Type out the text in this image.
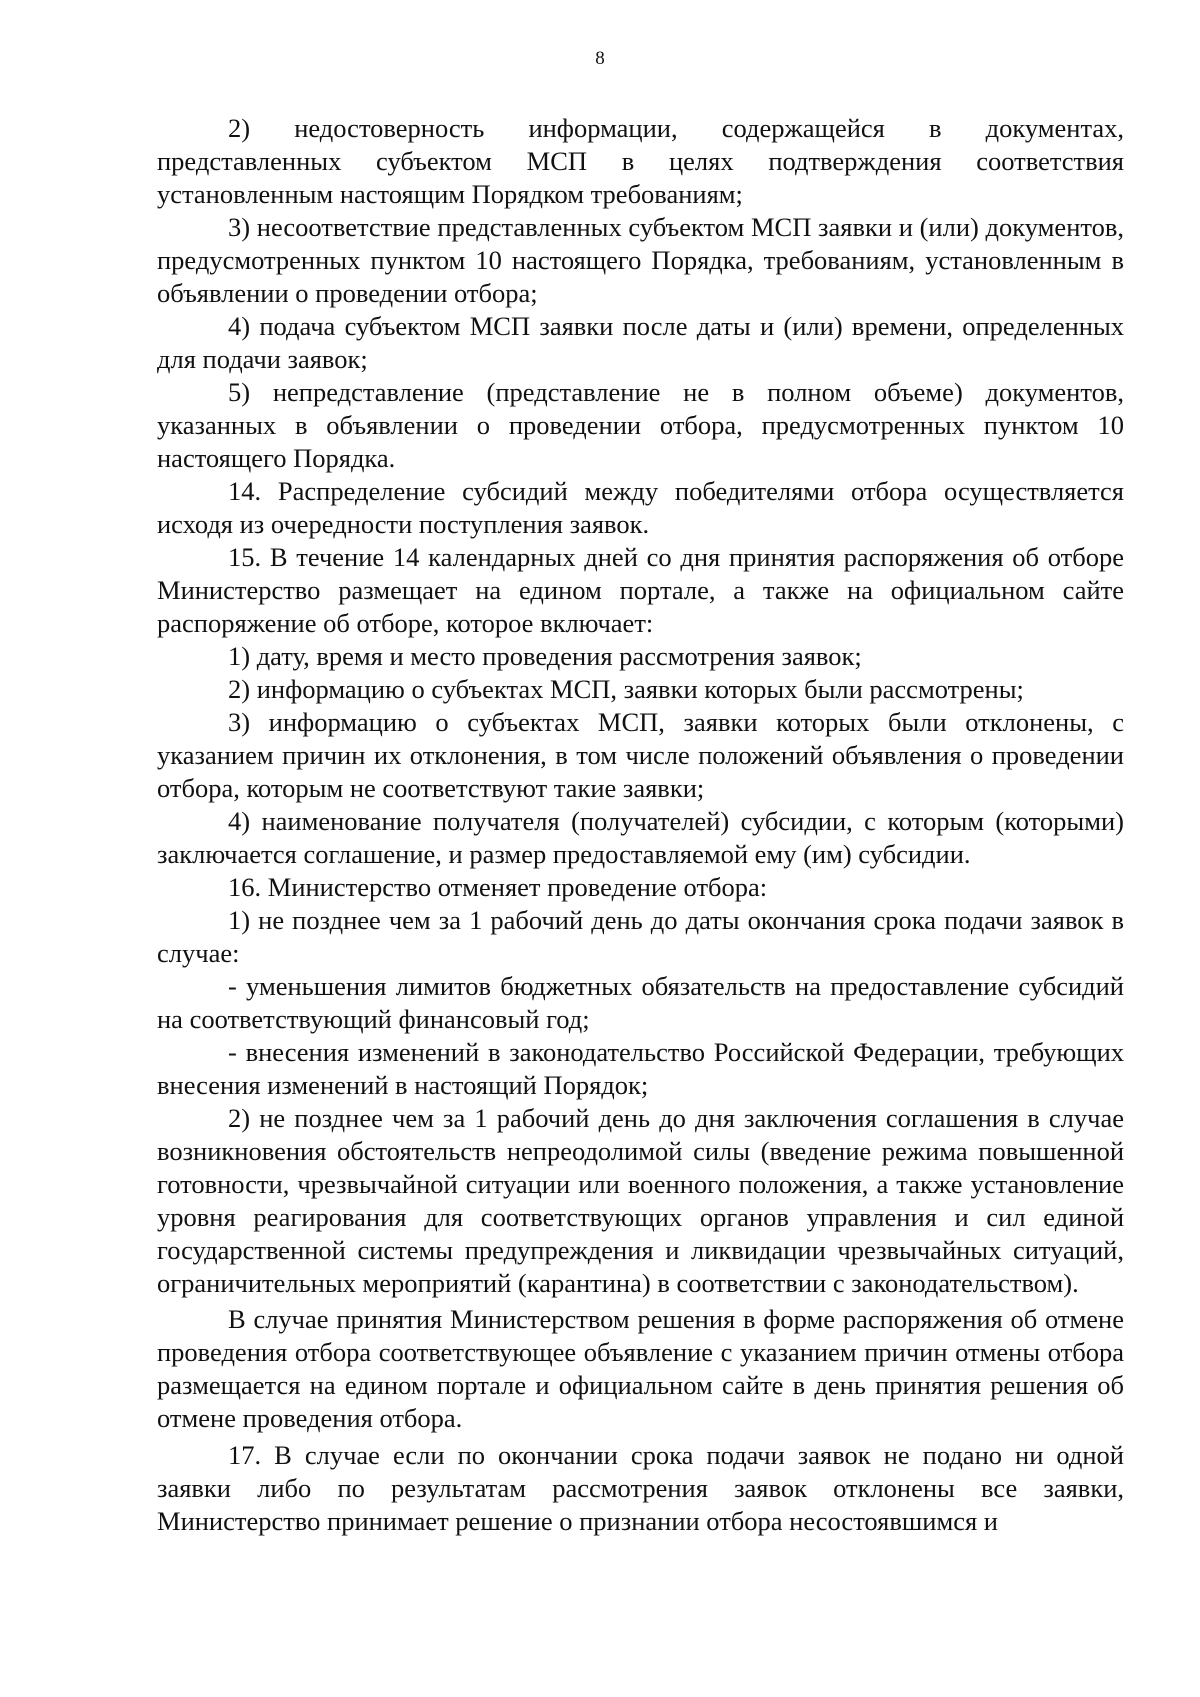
8

2) недостоверность информации, содержащейся в документах, представленных субъектом МСП в целях подтверждения соответствия установленным настоящим Порядком требованиям;

3) несоответствие представленных субъектом МСП заявки и (или) документов, предусмотренных пунктом 10 настоящего Порядка, требованиям, установленным в объявлении о проведении отбора;

4) подача субъектом МСП заявки после даты и (или) времени, определенных для подачи заявок;

5) непредставление (представление не в полном объеме) документов, указанных в объявлении о проведении отбора, предусмотренных пунктом 10 настоящего Порядка.

14. Распределение субсидий между победителями отбора осуществляется исходя из очередности поступления заявок.

15. В течение 14 календарных дней со дня принятия распоряжения об отборе Министерство размещает на едином портале, а также на официальном сайте распоряжение об отборе, которое включает:

1) дату, время и место проведения рассмотрения заявок;

2) информацию о субъектах МСП, заявки которых были рассмотрены;

3) информацию о субъектах МСП, заявки которых были отклонены, с указанием причин их отклонения, в том числе положений объявления о проведении отбора, которым не соответствуют такие заявки;

4) наименование получателя (получателей) субсидии, с которым (которыми) заключается соглашение, и размер предоставляемой ему (им) субсидии.

16. Министерство отменяет проведение отбора:

1) не позднее чем за 1 рабочий день до даты окончания срока подачи заявок в случае:

- уменьшения лимитов бюджетных обязательств на предоставление субсидий на соответствующий финансовый год;

- внесения изменений в законодательство Российской Федерации, требующих внесения изменений в настоящий Порядок;

2) не позднее чем за 1 рабочий день до дня заключения соглашения в случае возникновения обстоятельств непреодолимой силы (введение режима повышенной готовности, чрезвычайной ситуации или военного положения, а также установление уровня реагирования для соответствующих органов управления и сил единой государственной системы предупреждения и ликвидации чрезвычайных ситуаций, ограничительных мероприятий (карантина) в соответствии с законодательством).

В случае принятия Министерством решения в форме распоряжения об отмене проведения отбора соответствующее объявление с указанием причин отмены отбора размещается на едином портале и официальном сайте в день принятия решения об отмене проведения отбора.

17. В случае если по окончании срока подачи заявок не подано ни одной заявки либо по результатам рассмотрения заявок отклонены все заявки, Министерство принимает решение о признании отбора несостоявшимся и
